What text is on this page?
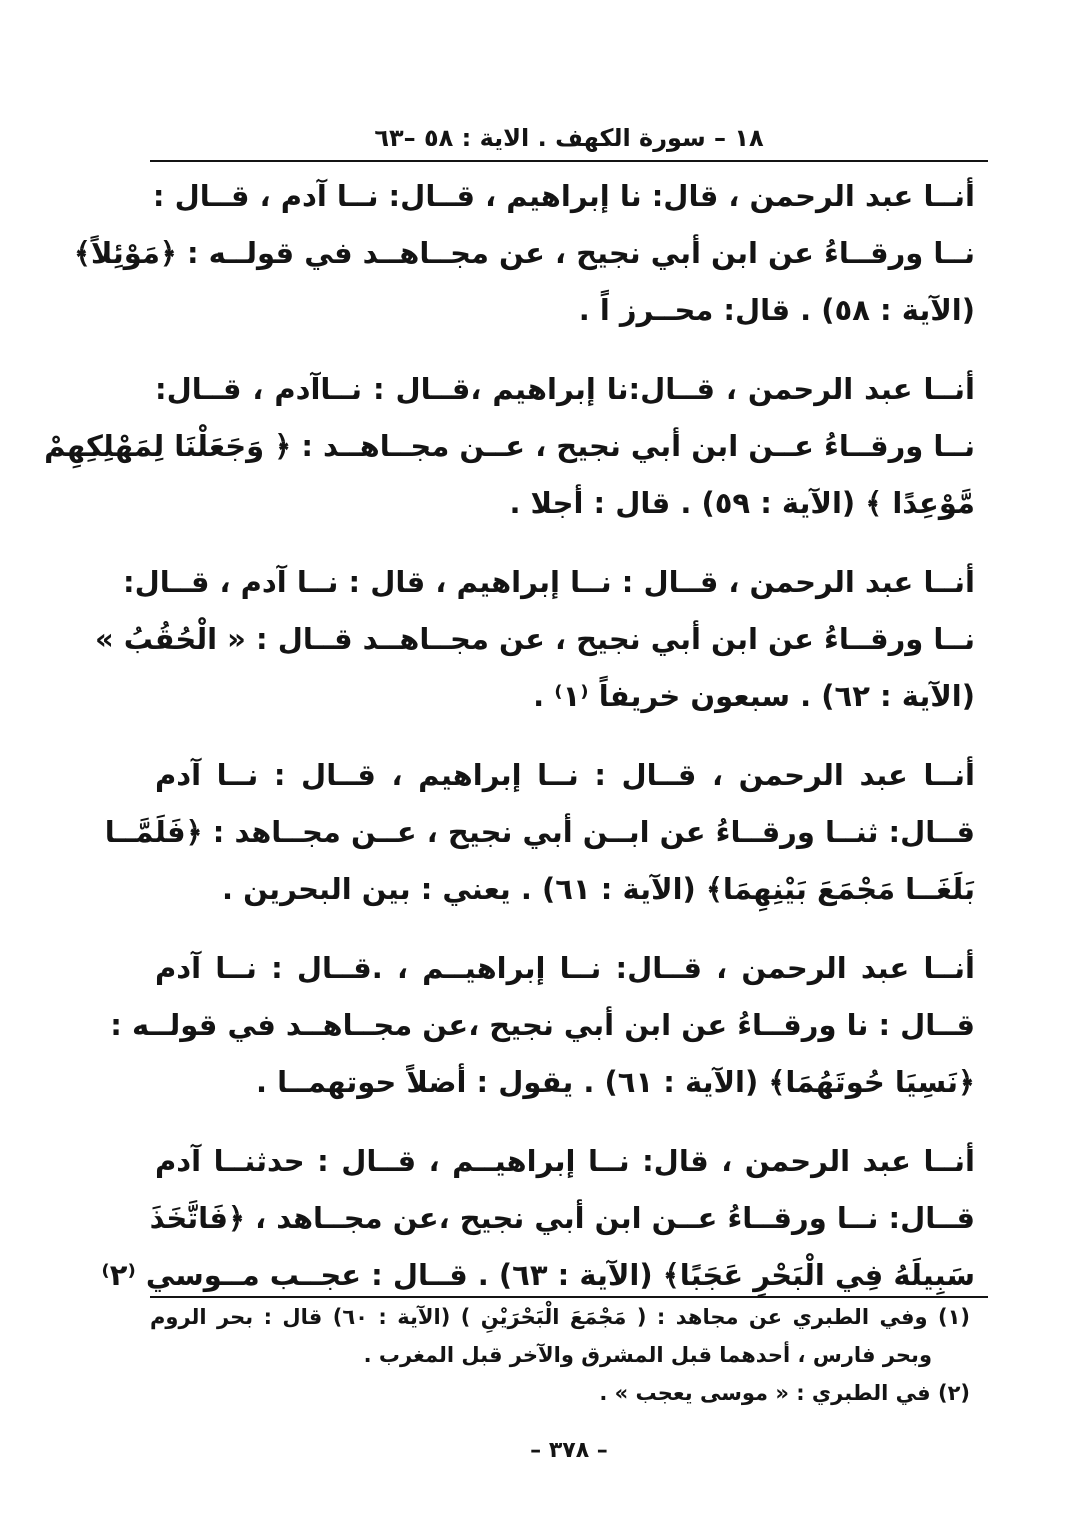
١٨ – سورة الكهف . الاية : ٥٨ –٦٣
أنــا عبد الرحمن ، قال: نا إبراهيم ، قــال: نــا آدم ، قــال :
نــا ورقــاءُ عن ابن أبي نجيح ، عن مجــاهــد في قولــه : ﴿مَوْئِلاً﴾
(الآية : ٥٨) . قال: محــرز اً .
أنــا عبد الرحمن ، قــال:نا إبراهيم ،قــال : نــاآدم ، قــال:
نــا ورقــاءُ عــن ابن أبي نجيح ، عــن مجــاهــد : ﴿ وَجَعَلْنَا لِمَهْلِكِهِمْ
مَّوْعِدًا ﴾ (الآية : ٥٩) . قال : أجلا .
أنــا عبد الرحمن ، قــال : نــا إبراهيم ، قال : نــا آدم ، قــال:
نــا ورقــاءُ عن ابن أبي نجيح ، عن مجــاهــد قــال : « الْحُقُبُ »
(الآية : ٦٢) . سبعون خريفاً ⁽١⁾ .
أنــا عبد الرحمن ، قــال : نــا إبراهيم ، قــال : نــا آدم
قــال: ثنــا ورقــاءُ عن ابــن أبي نجيح ، عــن مجــاهد : ﴿فَلَمَّــا
بَلَغَــا مَجْمَعَ بَيْنِهِمَا﴾ (الآية : ٦١) . يعني : بين البحرين .
أنــا عبد الرحمن ، قــال: نــا إبراهيــم ، .قــال : نــا آدم
قــال : نا ورقــاءُ عن ابن أبي نجيح ،عن مجــاهــد في قولــه :
﴿نَسِيَا حُوتَهُمَا﴾ (الآية : ٦١) . يقول : أضلاً حوتهمــا .
أنــا عبد الرحمن ، قال: نــا إبراهيــم ، قــال : حدثنــا آدم
قــال: نــا ورقــاءُ عــن ابن أبي نجيح ،عن مجــاهد ، ﴿فَاتَّخَذَ
سَبِيلَهُ فِي الْبَحْرِ عَجَبًا﴾ (الآية : ٦٣) . قــال : عجــب مــوسي ⁽٢⁾
(١) وفي الطبري عن مجاهد : ( مَجْمَعَ الْبَحْرَيْنِ ) (الآية : ٦٠) قال : بحر الروم
وبحر فارس ، أحدهما قبل المشرق والآخر قبل المغرب .
(٢) في الطبري : « موسى يعجب » .
– ٣٧٨ –
